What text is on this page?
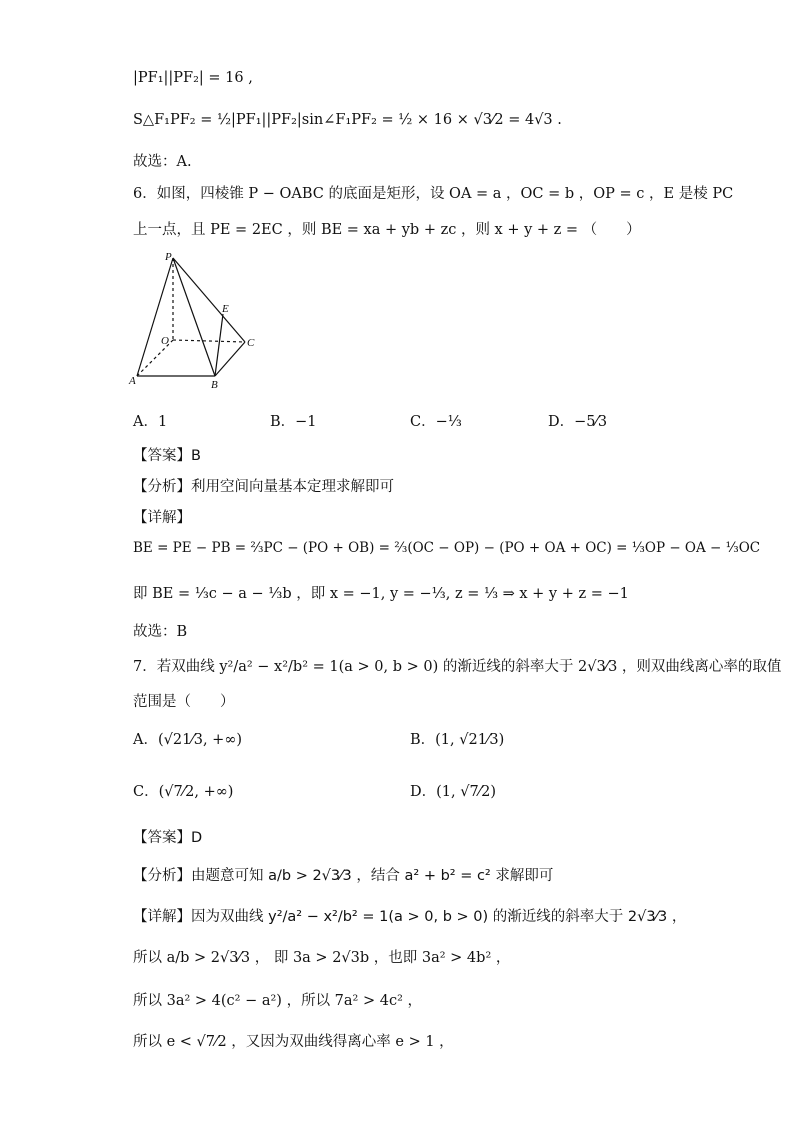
|PF₁||PF₂| = 16 ,
S△F₁PF₂ = ½|PF₁||PF₂|sin∠F₁PF₂ = ½ × 16 × √3⁄2 = 4√3 .
故选：A.
6．如图，四棱锥 P − OABC 的底面是矩形，设 OA = a ，OC = b ，OP = c ，E 是棱 PC
上一点，且 PE = 2EC ，则 BE = xa + yb + zc ，则 x + y + z = （　　）
P
O
A	B
C
E
A．1	B．−1	C．−⅓	D．−5⁄3
【答案】B
【分析】利用空间向量基本定理求解即可
【详解】
BE = PE − PB = ⅔PC − (PO + OB) = ⅔(OC − OP) − (PO + OA + OC) = ⅓OP − OA − ⅓OC
即 BE = ⅓c − a − ⅓b ，即 x = −1, y = −⅓, z = ⅓ ⇒ x + y + z = −1
故选：B
7．若双曲线 y²/a² − x²/b² = 1(a > 0, b > 0) 的渐近线的斜率大于 2√3⁄3 ，则双曲线离心率的取值
范围是（　　）
A．(√21⁄3, +∞)	B．(1, √21⁄3)
C．(√7⁄2, +∞)	D．(1, √7⁄2)
【答案】D
【分析】由题意可知 a/b > 2√3⁄3 ，结合 a² + b² = c² 求解即可
【详解】因为双曲线 y²/a² − x²/b² = 1(a > 0, b > 0) 的渐近线的斜率大于 2√3⁄3 ，
所以 a/b > 2√3⁄3 ， 即 3a > 2√3b ，也即 3a² > 4b² ，
所以 3a² > 4(c² − a²) ，所以 7a² > 4c² ，
所以 e < √7⁄2 ，又因为双曲线得离心率 e > 1 ，
